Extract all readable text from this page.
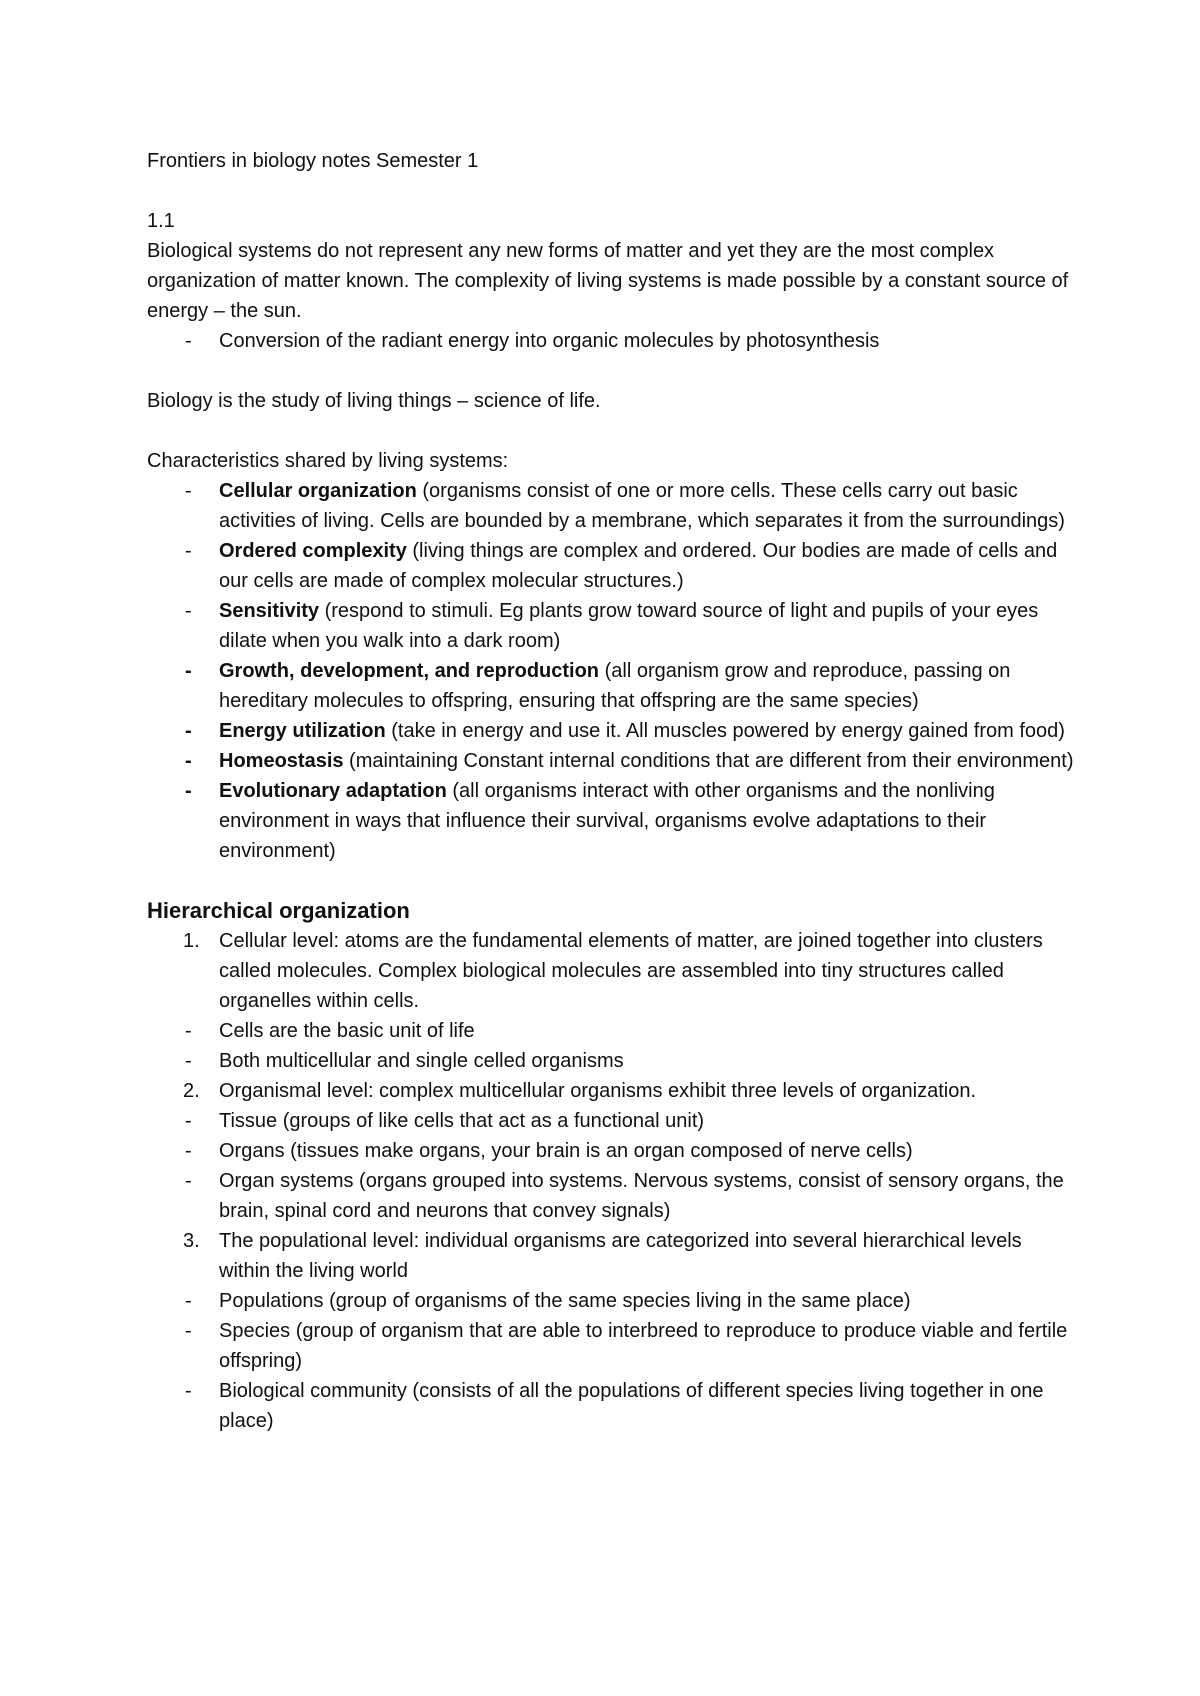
Frontiers in biology notes Semester 1

1.1

Biological systems do not represent any new forms of matter and yet they are the most complex organization of matter known. The complexity of living systems is made possible by a constant source of energy – the sun.

- Conversion of the radiant energy into organic molecules by photosynthesis

Biology is the study of living things – science of life.

Characteristics shared by living systems:

- Cellular organization (organisms consist of one or more cells. These cells carry out basic activities of living. Cells are bounded by a membrane, which separates it from the surroundings)
- Ordered complexity (living things are complex and ordered. Our bodies are made of cells and our cells are made of complex molecular structures.)
- Sensitivity (respond to stimuli. Eg plants grow toward source of light and pupils of your eyes dilate when you walk into a dark room)
- Growth, development, and reproduction (all organism grow and reproduce, passing on hereditary molecules to offspring, ensuring that offspring are the same species)
- Energy utilization (take in energy and use it. All muscles powered by energy gained from food)
- Homeostasis (maintaining Constant internal conditions that are different from their environment)
- Evolutionary adaptation (all organisms interact with other organisms and the nonliving environment in ways that influence their survival, organisms evolve adaptations to their environment)

Hierarchical organization

1. Cellular level: atoms are the fundamental elements of matter, are joined together into clusters called molecules. Complex biological molecules are assembled into tiny structures called organelles within cells.
- Cells are the basic unit of life
- Both multicellular and single celled organisms
2. Organismal level: complex multicellular organisms exhibit three levels of organization.
- Tissue (groups of like cells that act as a functional unit)
- Organs (tissues make organs, your brain is an organ composed of nerve cells)
- Organ systems (organs grouped into systems. Nervous systems, consist of sensory organs, the brain, spinal cord and neurons that convey signals)
3. The populational level: individual organisms are categorized into several hierarchical levels within the living world
- Populations (group of organisms of the same species living in the same place)
- Species (group of organism that are able to interbreed to reproduce to produce viable and fertile offspring)
- Biological community (consists of all the populations of different species living together in one place)
